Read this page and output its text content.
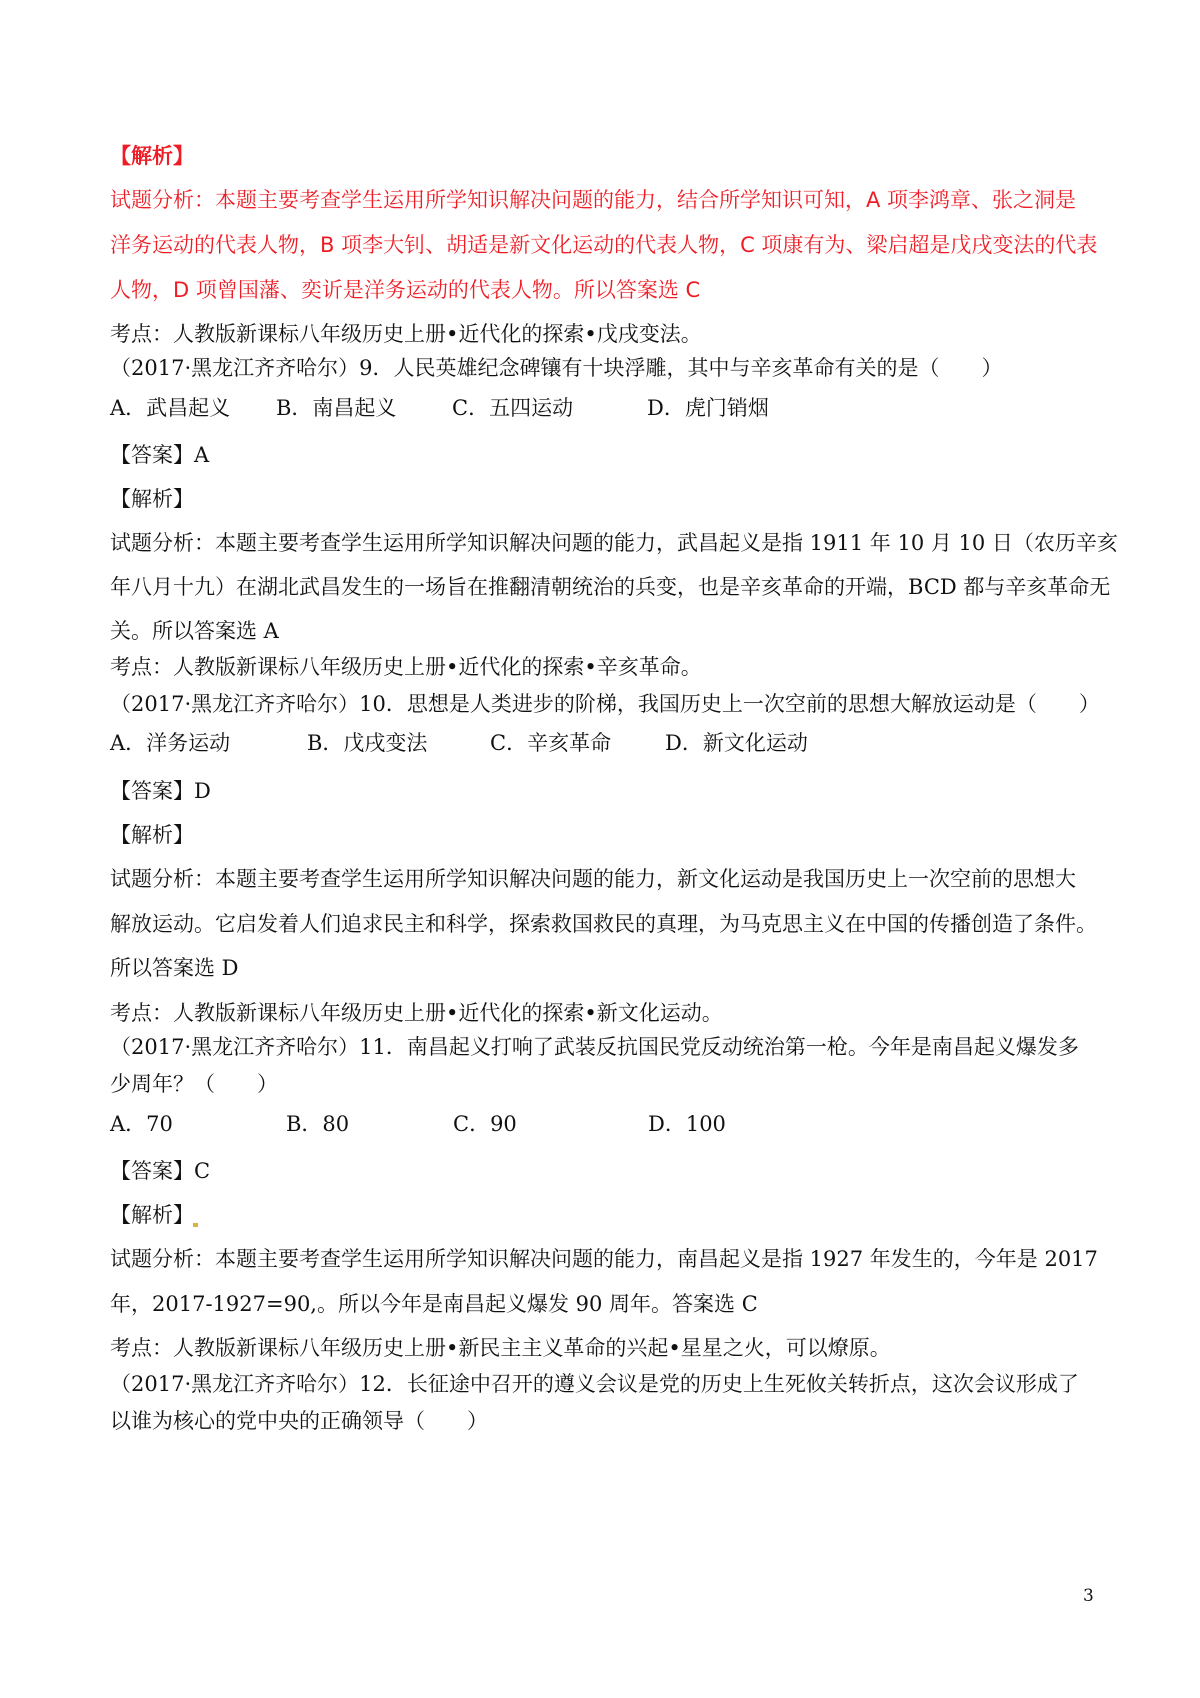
【解析】
试题分析：本题主要考查学生运用所学知识解决问题的能力，结合所学知识可知，A 项李鸿章、张之洞是
洋务运动的代表人物，B 项李大钊、胡适是新文化运动的代表人物，C 项康有为、梁启超是戊戌变法的代表
人物，D 项曾国藩、奕䜣是洋务运动的代表人物。所以答案选 C
考点：人教版新课标八年级历史上册•近代化的探索•戊戌变法。
（2017·黑龙江齐齐哈尔）9．人民英雄纪念碑镶有十块浮雕，其中与辛亥革命有关的是（　　）
A．武昌起义 B．南昌起义	C．五四运动	D．虎门销烟
【答案】A
【解析】
试题分析：本题主要考查学生运用所学知识解决问题的能力，武昌起义是指 1911 年 10 月 10 日（农历辛亥
年八月十九）在湖北武昌发生的一场旨在推翻清朝统治的兵变，也是辛亥革命的开端，BCD 都与辛亥革命无
关。所以答案选 A
考点：人教版新课标八年级历史上册•近代化的探索•辛亥革命。
（2017·黑龙江齐齐哈尔）10．思想是人类进步的阶梯，我国历史上一次空前的思想大解放运动是（　　）
A．洋务运动	B．戊戌变法	C．辛亥革命	D．新文化运动
【答案】D
【解析】
试题分析：本题主要考查学生运用所学知识解决问题的能力，新文化运动是我国历史上一次空前的思想大
解放运动。它启发着人们追求民主和科学，探索救国救民的真理，为马克思主义在中国的传播创造了条件。
所以答案选 D
考点：人教版新课标八年级历史上册•近代化的探索•新文化运动。
（2017·黑龙江齐齐哈尔）11．南昌起义打响了武装反抗国民党反动统治第一枪。今年是南昌起义爆发多
少周年？（　　）
A．70	B．80	C．90	D．100
【答案】C
【解析】
试题分析：本题主要考查学生运用所学知识解决问题的能力，南昌起义是指 1927 年发生的，今年是 2017
年，2017-1927=90,。所以今年是南昌起义爆发 90 周年。答案选 C
考点：人教版新课标八年级历史上册•新民主主义革命的兴起•星星之火，可以燎原。
（2017·黑龙江齐齐哈尔）12．长征途中召开的遵义会议是党的历史上生死攸关转折点，这次会议形成了
以谁为核心的党中央的正确领导（　　）
3
